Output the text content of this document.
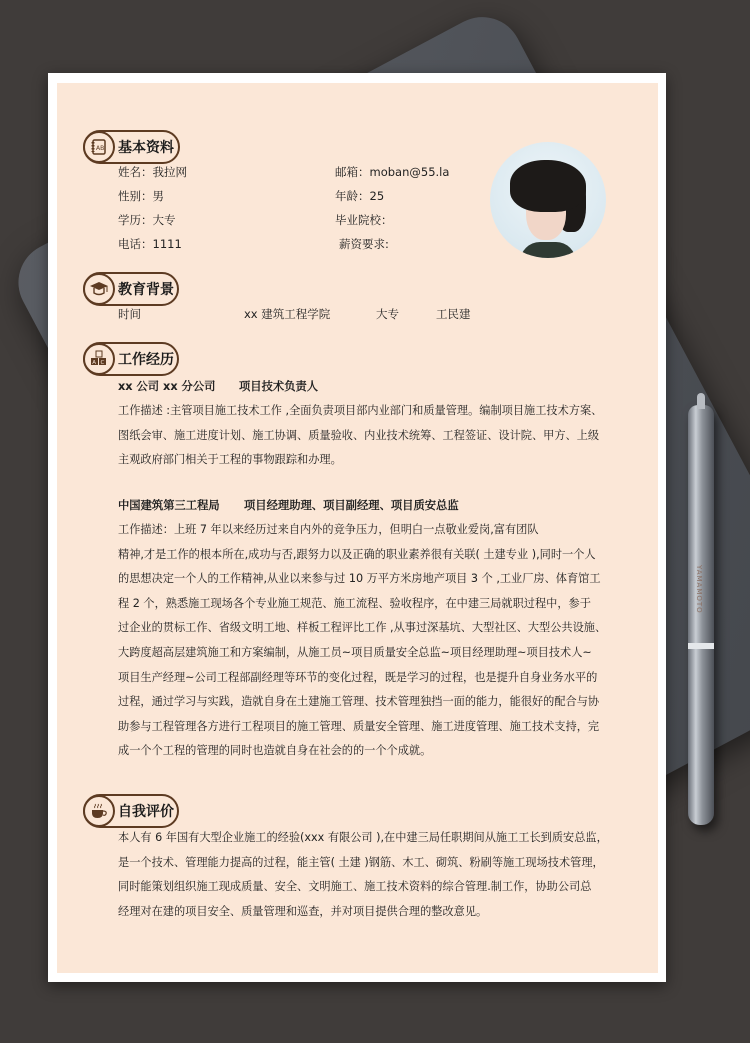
YAMAMOTO
AB 基本资料
姓名：我拉网
性别：男
学历：大专
电话：1111
邮箱：moban@55.la
年龄：25
毕业院校：
薪资要求:
教育背景
时间	xx 建筑工程学院	大专	工民建
A C 工作经历
xx 公司 xx 分公司 项目技术负责人
工作描述 :主管项目施工技术工作 ,全面负责项目部内业部门和质量管理。编制项目施工技术方案、
图纸会审、施工进度计划、施工协调、质量验收、内业技术统筹、工程签证、设计院、甲方、上级
主观政府部门相关于工程的事物跟踪和办理。
中国建筑第三工程局 项目经理助理、项目副经理、项目质安总监
工作描述：上班 7 年以来经历过来自内外的竞争压力，但明白一点敬业爱岗,富有团队
精神,才是工作的根本所在,成功与否,跟努力以及正确的职业素养很有关联( 土建专业 ),同时一个人
的思想决定一个人的工作精神,从业以来参与过 10 万平方米房地产项目 3 个 ,工业厂房、体育馆工
程 2 个，熟悉施工现场各个专业施工规范、施工流程、验收程序，在中建三局就职过程中，参于
过企业的贯标工作、省级文明工地、样板工程评比工作 ,从事过深基坑、大型社区、大型公共设施、
大跨度超高层建筑施工和方案编制，从施工员~项目质量安全总监~项目经理助理~项目技术人~
项目生产经理~公司工程部副经理等环节的变化过程，既是学习的过程，也是提升自身业务水平的
过程，通过学习与实践，造就自身在土建施工管理、技术管理独挡一面的能力，能很好的配合与协
助参与工程管理各方进行工程项目的施工管理、质量安全管理、施工进度管理、施工技术支持，完
成一个个工程的管理的同时也造就自身在社会的的一个个成就。
自我评价
本人有 6 年国有大型企业施工的经验(xxx 有限公司 ),在中建三局任职期间从施工工长到质安总监，
是一个技术、管理能力提高的过程，能主管( 土建 )钢筋、木工、砌筑、粉刷等施工现场技术管理，
同时能策划组织施工现成质量、安全、文明施工、施工技术资料的综合管理.制工作，协助公司总
经理对在建的项目安全、质量管理和巡查，并对项目提供合理的整改意见。
